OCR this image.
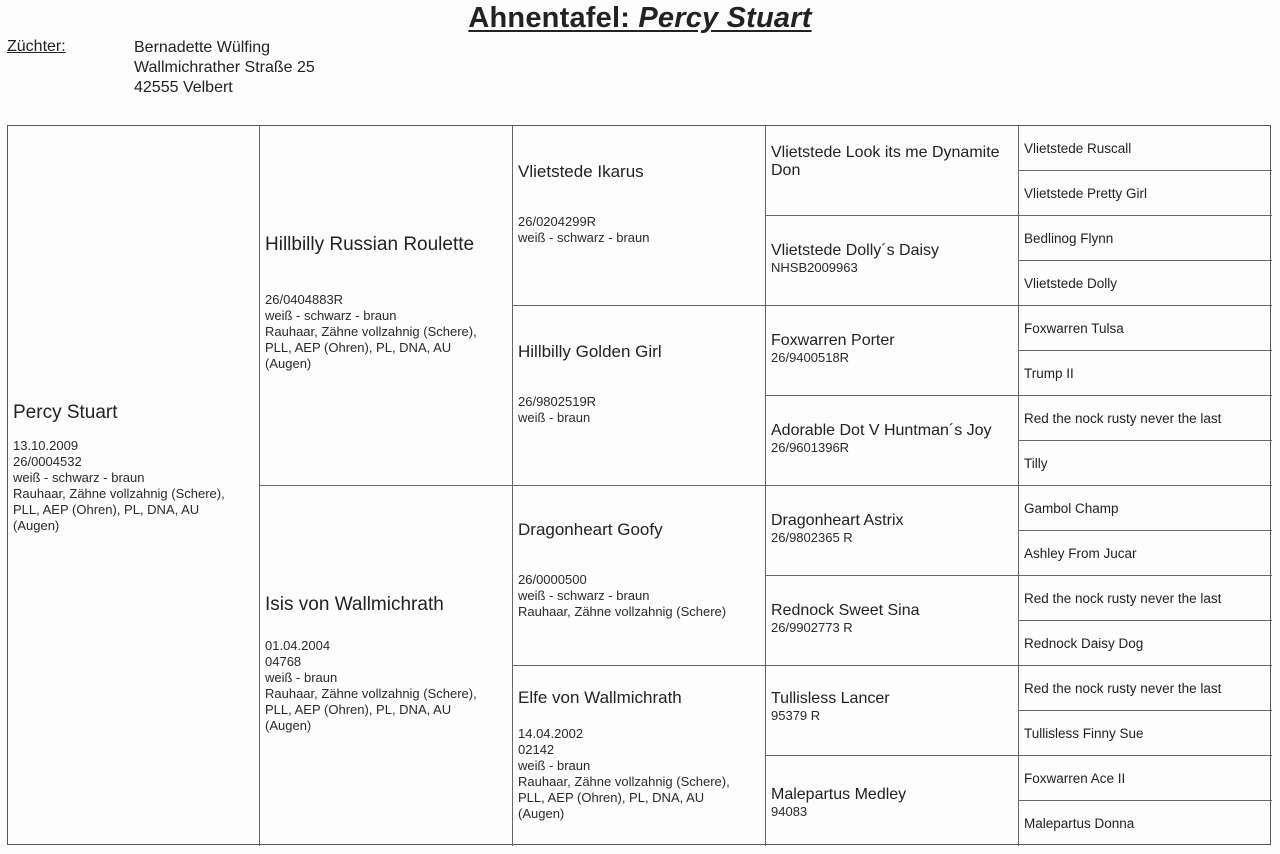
Ahnentafel: Percy Stuart
Züchter:	Bernadette Wülfing
Wallmichrather Straße 25
42555 Velbert
Percy Stuart
13.10.2009
26/0004532
weiß - schwarz - braun
Rauhaar, Zähne vollzahnig (Schere),
PLL, AEP (Ohren), PL, DNA, AU
(Augen)
Hillbilly Russian Roulette
26/0404883R
weiß - schwarz - braun
Rauhaar, Zähne vollzahnig (Schere),
PLL, AEP (Ohren), PL, DNA, AU
(Augen)
Isis von Wallmichrath
01.04.2004
04768
weiß - braun
Rauhaar, Zähne vollzahnig (Schere),
PLL, AEP (Ohren), PL, DNA, AU
(Augen)
Vlietstede Ikarus
26/0204299R
weiß - schwarz - braun
Hillbilly Golden Girl
26/9802519R
weiß - braun
Dragonheart Goofy
26/0000500
weiß - schwarz - braun
Rauhaar, Zähne vollzahnig (Schere)
Elfe von Wallmichrath
14.04.2002
02142
weiß - braun
Rauhaar, Zähne vollzahnig (Schere),
PLL, AEP (Ohren), PL, DNA, AU
(Augen)
Vlietstede Look its me Dynamite Don
Vlietstede Dolly´s Daisy
NHSB2009963
Foxwarren Porter
26/9400518R
Adorable Dot V Huntman´s Joy
26/9601396R
Dragonheart Astrix
26/9802365 R
Rednock Sweet Sina
26/9902773 R
Tullisless Lancer
95379 R
Malepartus Medley
94083
Vlietstede Ruscall
Vlietstede Pretty Girl
Bedlinog Flynn
Vlietstede Dolly
Foxwarren Tulsa
Trump II
Red the nock rusty never the last
Tilly
Gambol Champ
Ashley From Jucar
Red the nock rusty never the last
Rednock Daisy Dog
Red the nock rusty never the last
Tullisless Finny Sue
Foxwarren Ace II
Malepartus Donna
